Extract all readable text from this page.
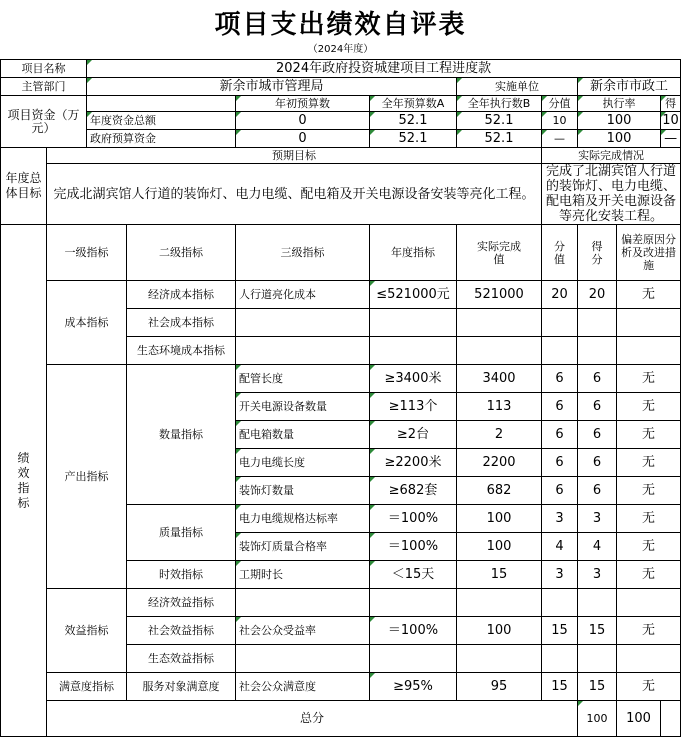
项目支出绩效自评表
（2024年度）
项目名称		2024年政府投资城建项目工程进度款								
主管部门		新余市城市管理局				实施单位		新余市市政工		
项目资金（万元）				年初预算数	全年预算数A	全年执行数B	分值	执行率		得
		年度资金总额		0	52.1	52.1	10	100		10
		政府预算资金		0	52.1	52.1	—	100		—
年度总体目标	预期目标						实际完成情况			
	完成北湖宾馆人行道的装饰灯、电力电缆、配电箱及开关电源设备安装等亮化工程。						完成了北湖宾馆人行道的装饰灯、电力电缆、配电箱及开关电源设备等亮化安装工程。			
绩效指标	一级指标		二级指标	三级指标	年度指标	实际完成值	分值	得分	偏差原因分析及改进措施	
	成本指标		经济成本指标	人行道亮化成本	≤521000元	521000	20	20	无	
			社会成本指标							
			生态环境成本指标							
	产出指标		数量指标	配管长度	≥3400米	3400	6	6	无	
				开关电源设备数量	≥113个	113	6	6	无	
				配电箱数量	≥2台	2	6	6	无	
				电力电缆长度	≥2200米	2200	6	6	无	
				装饰灯数量	≥682套	682	6	6	无	
			质量指标	电力电缆规格达标率	＝100%	100	3	3	无	
				装饰灯质量合格率	＝100%	100	4	4	无	
			时效指标	工期时长	＜15天	15	3	3	无	
	效益指标		经济效益指标							
			社会效益指标	社会公众受益率	＝100%	100	15	15	无	
			生态效益指标							
	满意度指标		服务对象满意度	社会公众满意度	≥95%	95	15	15	无	
	总分							100	100	
